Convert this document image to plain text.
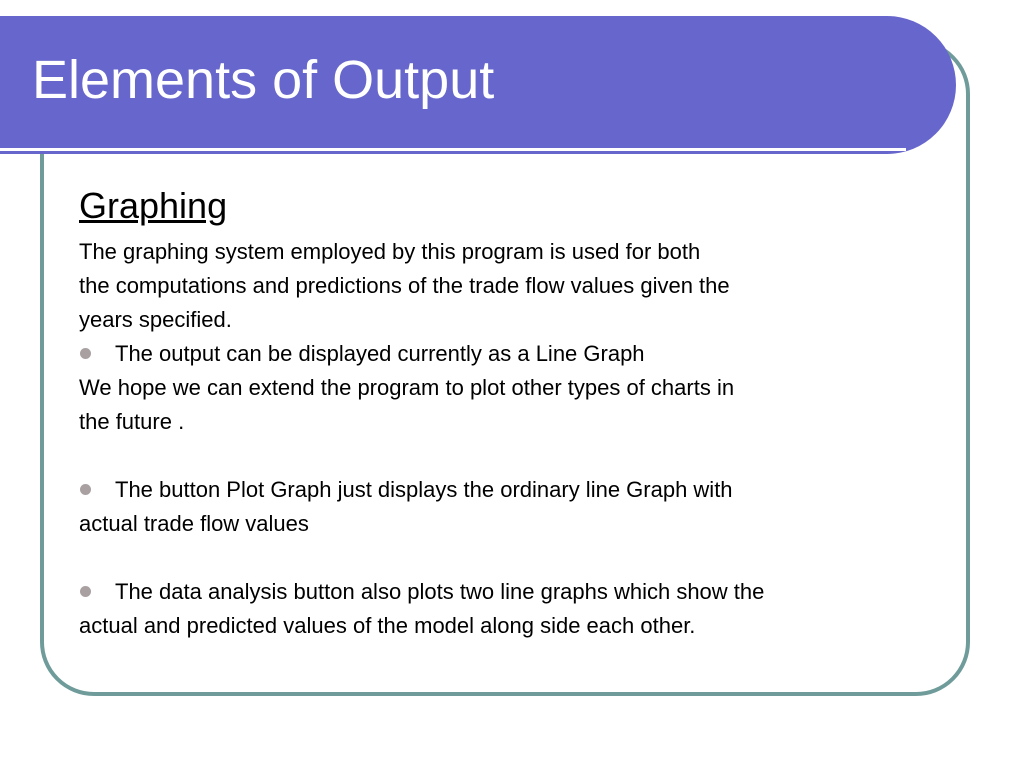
Elements of Output
Graphing

The graphing system employed by this program is used for both

the computations and predictions of the trade flow values given the

years specified.

The output can be displayed currently as a Line Graph

We hope we can extend the program to plot other types of charts in

the future .

The button Plot Graph just displays the ordinary line Graph with

actual trade flow values

The data analysis button also plots two line graphs which show the

actual and predicted values of the model along side each other.
